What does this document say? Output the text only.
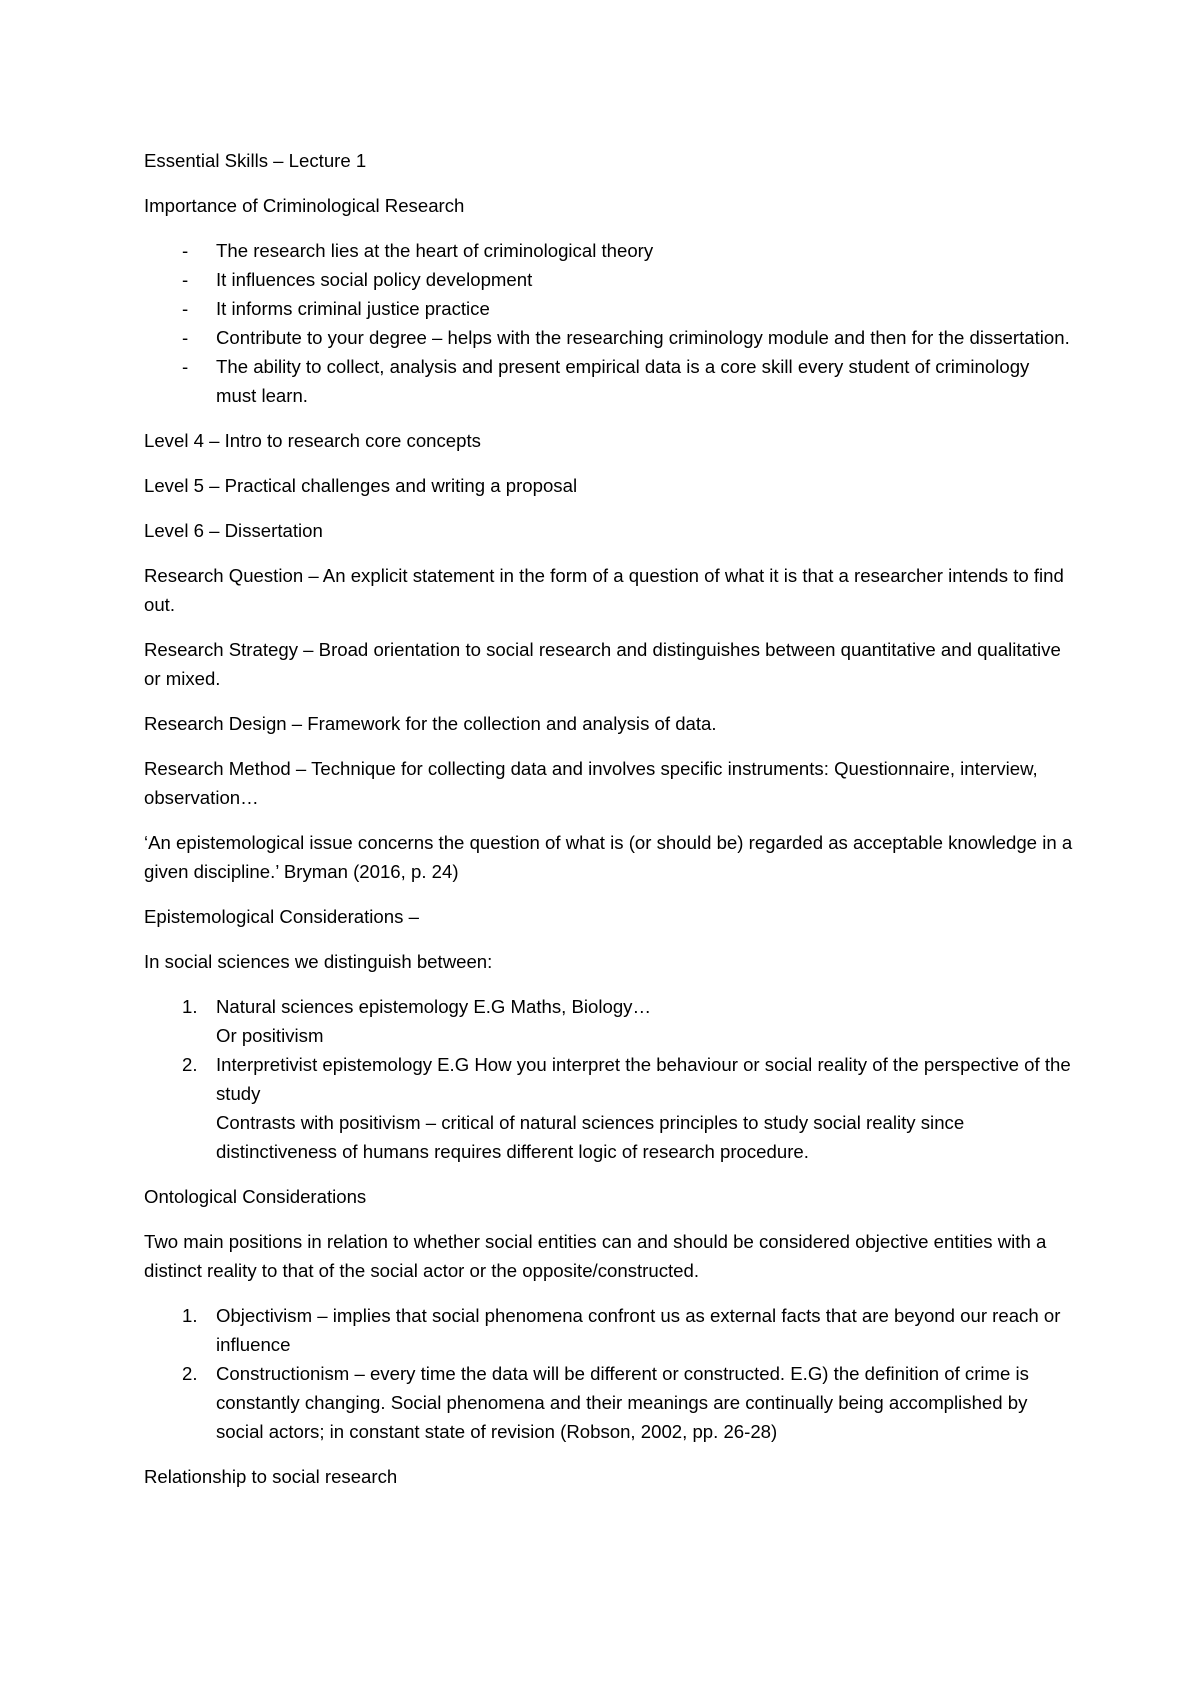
Essential Skills – Lecture 1

Importance of Criminological Research

- The research lies at the heart of criminological theory
- It influences social policy development
- It informs criminal justice practice
- Contribute to your degree – helps with the researching criminology module and then for the dissertation.
- The ability to collect, analysis and present empirical data is a core skill every student of criminology must learn.

Level 4 – Intro to research core concepts

Level 5 – Practical challenges and writing a proposal

Level 6 – Dissertation

Research Question – An explicit statement in the form of a question of what it is that a researcher intends to find out.

Research Strategy – Broad orientation to social research and distinguishes between quantitative and qualitative or mixed.

Research Design – Framework for the collection and analysis of data.

Research Method – Technique for collecting data and involves specific instruments: Questionnaire, interview, observation…

‘An epistemological issue concerns the question of what is (or should be) regarded as acceptable knowledge in a given discipline.’ Bryman (2016, p. 24)

Epistemological Considerations –

In social sciences we distinguish between:

1. Natural sciences epistemology E.G Maths, Biology…
Or positivism
2. Interpretivist epistemology E.G How you interpret the behaviour or social reality of the perspective of the study
Contrasts with positivism – critical of natural sciences principles to study social reality since distinctiveness of humans requires different logic of research procedure.

Ontological Considerations

Two main positions in relation to whether social entities can and should be considered objective entities with a distinct reality to that of the social actor or the opposite/constructed.

1. Objectivism – implies that social phenomena confront us as external facts that are beyond our reach or influence
2. Constructionism – every time the data will be different or constructed. E.G) the definition of crime is constantly changing. Social phenomena and their meanings are continually being accomplished by social actors; in constant state of revision (Robson, 2002, pp. 26-28)

Relationship to social research
